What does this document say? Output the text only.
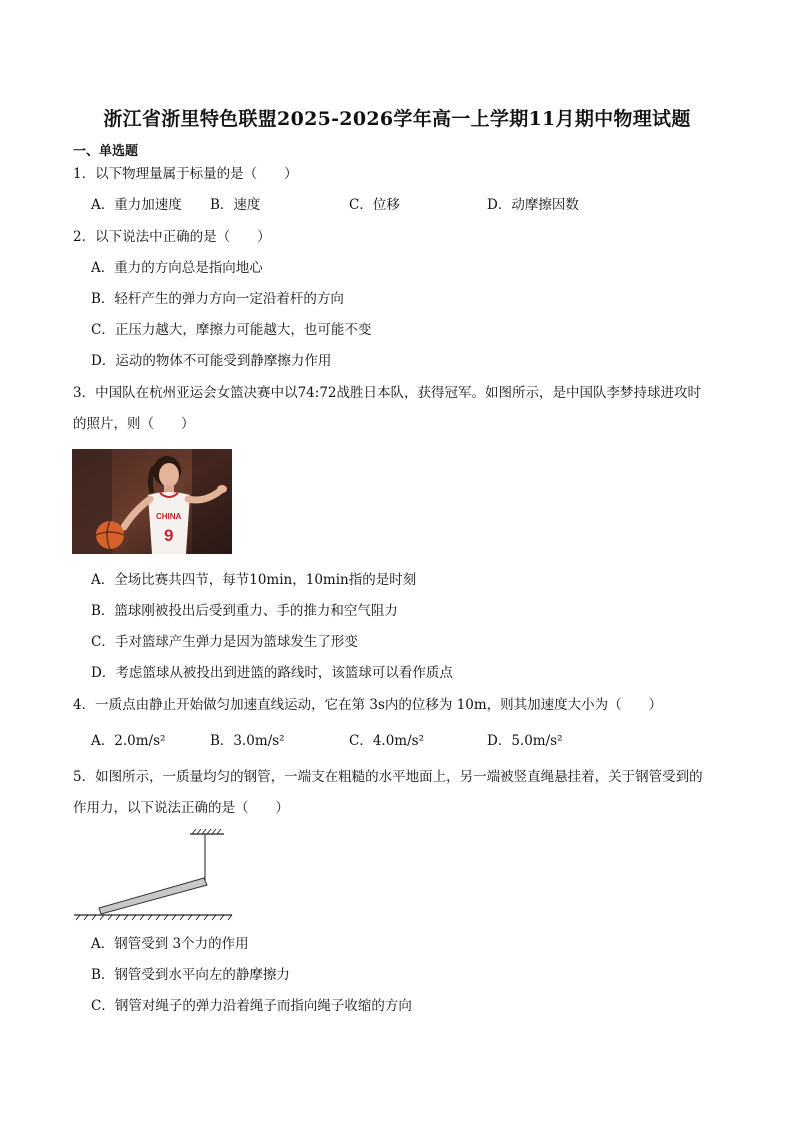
浙江省浙里特色联盟2025-2026学年高一上学期11月期中物理试题
一、单选题
1．以下物理量属于标量的是（　　）
A．重力加速度 B．速度	C．位移	D．动摩擦因数
2．以下说法中正确的是（　　）
A．重力的方向总是指向地心
B．轻杆产生的弹力方向一定沿着杆的方向
C．正压力越大，摩擦力可能越大，也可能不变
D．运动的物体不可能受到静摩擦力作用
3．中国队在杭州亚运会女篮决赛中以74:72战胜日本队，获得冠军。如图所示，是中国队李梦持球进攻时
的照片，则（　　）
CHINA
9
A．全场比赛共四节，每节10min，10min指的是时刻
B．篮球刚被投出后受到重力、手的推力和空气阻力
C．手对篮球产生弹力是因为篮球发生了形变
D．考虑篮球从被投出到进篮的路线时，该篮球可以看作质点
4．一质点由静止开始做匀加速直线运动，它在第 3s内的位移为 10m，则其加速度大小为（　　）
A．2.0m/s²	B．3.0m/s²	C．4.0m/s²	D．5.0m/s²
5．如图所示，一质量均匀的钢管，一端支在粗糙的水平地面上，另一端被竖直绳悬挂着，关于钢管受到的
作用力，以下说法正确的是（　　）
A．钢管受到 3个力的作用
B．钢管受到水平向左的静摩擦力
C．钢管对绳子的弹力沿着绳子而指向绳子收缩的方向
